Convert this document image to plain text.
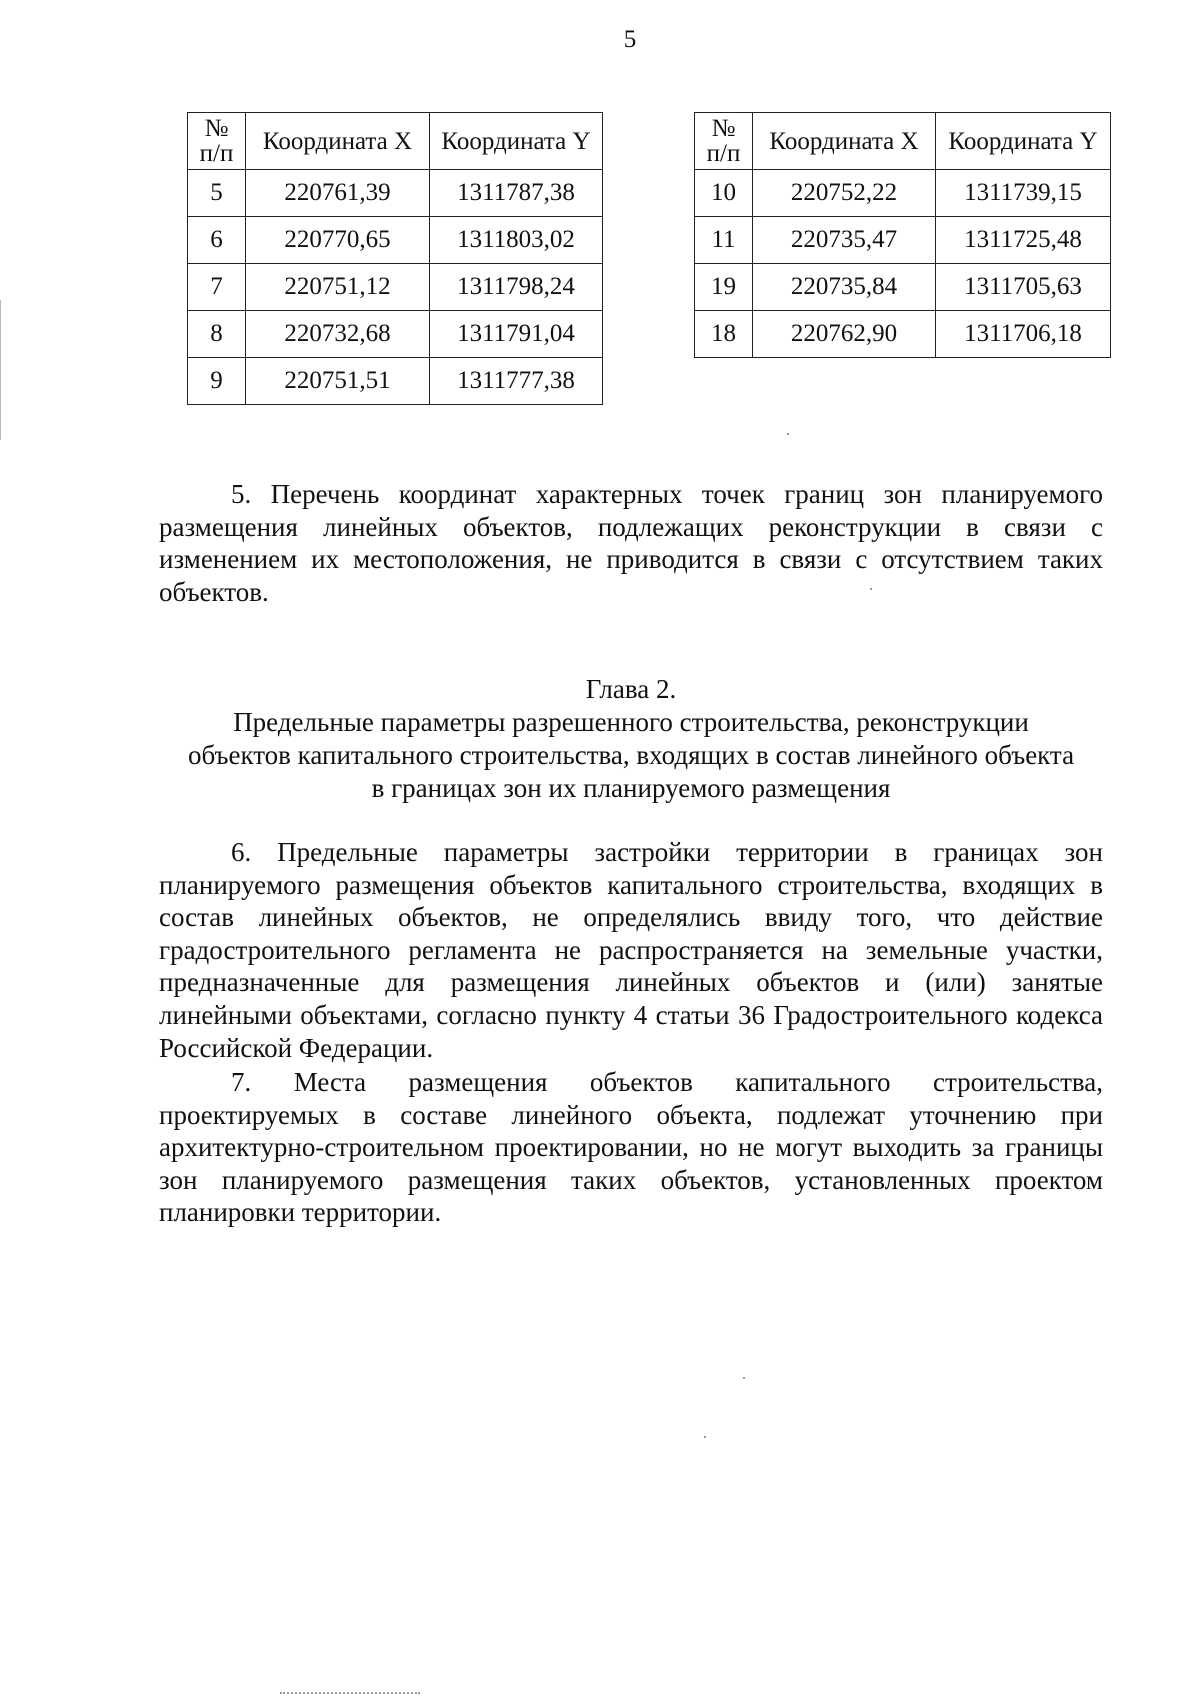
5
№
п/п	Координата X	Координата Y
5	220761,39	1311787,38
6	220770,65	1311803,02
7	220751,12	1311798,24
8	220732,68	1311791,04
9	220751,51	1311777,38
№
п/п	Координата X	Координата Y
10	220752,22	1311739,15
11	220735,47	1311725,48
19	220735,84	1311705,63
18	220762,90	1311706,18

5. Перечень координат характерных точек границ зон планируемого размещения линейных объектов, подлежащих реконструкции в связи с изменением их местоположения, не приводится в связи с отсутствием таких объектов.

Глава 2.

Предельные параметры разрешенного строительства, реконструкции

объектов капитального строительства, входящих в состав линейного объекта

в границах зон их планируемого размещения

6. Предельные параметры застройки территории в границах зон планируемого размещения объектов капитального строительства, входящих в состав линейных объектов, не определялись ввиду того, что действие градостроительного регламента не распространяется на земельные участки, предназначенные для размещения линейных объектов и (или) занятые линейными объектами, согласно пункту 4 статьи 36 Градостроительного кодекса Российской Федерации.

7. Места размещения объектов капитального строительства, проектируемых в составе линейного объекта, подлежат уточнению при архитектурно-строительном проектировании, но не могут выходить за границы зон планируемого размещения таких объектов, установленных проектом планировки территории.
